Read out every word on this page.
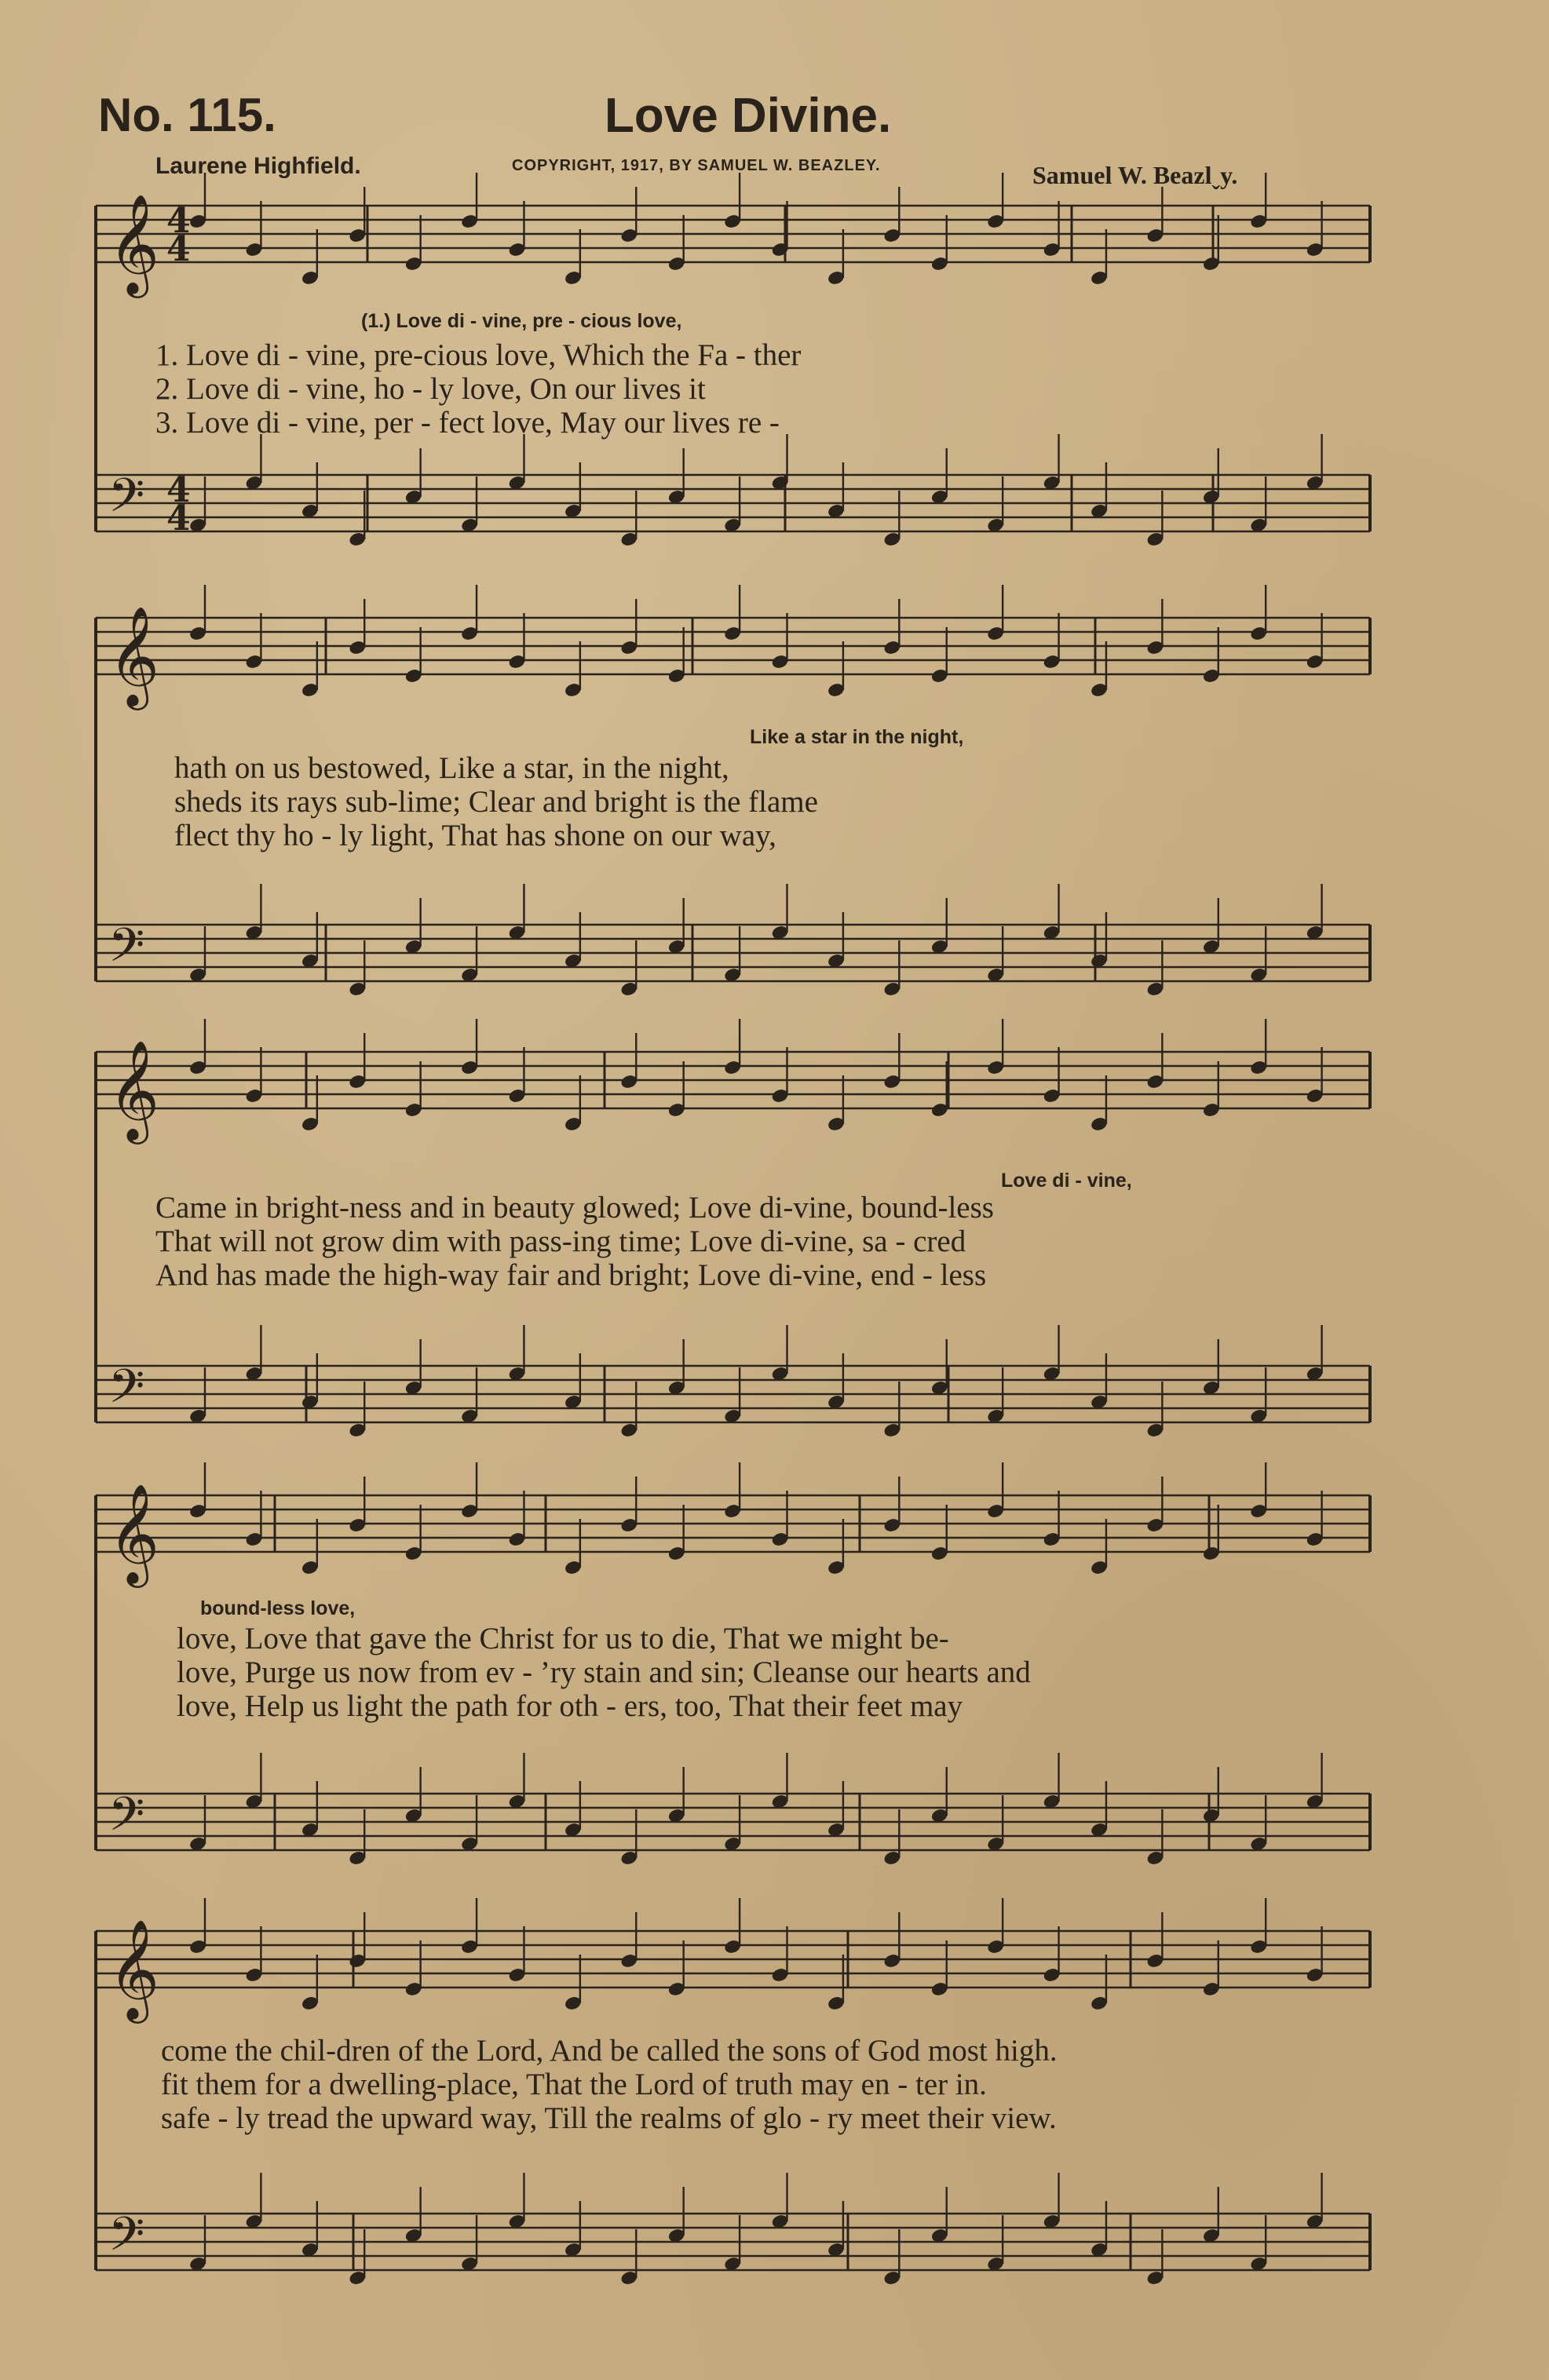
No. 115.	Love Divine.
Laurene Highfield.	COPYRIGHT, 1917, BY SAMUEL W. BEAZLEY.	Samuel W. Beazlˬy.
𝄞
𝄢
𝄞
𝄢
𝄞
𝄢
𝄞
𝄢
𝄞
𝄢
4
4
4
4
(1.) Love di - vine, pre - cious love,
1. Love di - vine, pre-cious love, Which the Fa - ther
2. Love di - vine, ho - ly love, On our lives it
3. Love di - vine, per - fect love, May our lives re -
Like a star in the night,
hath on us bestowed, Like a star, in the night,
sheds its rays sub-lime; Clear and bright is the flame
flect thy ho - ly light, That has shone on our way,
Love di - vine,
Came in bright-ness and in beauty glowed; Love di-vine, bound-less
That will not grow dim with pass-ing time; Love di-vine, sa - cred
And has made the high-way fair and bright; Love di-vine, end - less
bound-less love,
love, Love that gave the Christ for us to die, That we might be-
love, Purge us now from ev - ’ry stain and sin; Cleanse our hearts and
love, Help us light the path for oth - ers, too, That their feet may
come the chil-dren of the Lord, And be called the sons of God most high.
fit them for a dwelling-place, That the Lord of truth may en - ter in.
safe - ly tread the upward way, Till the realms of glo - ry meet their view.
